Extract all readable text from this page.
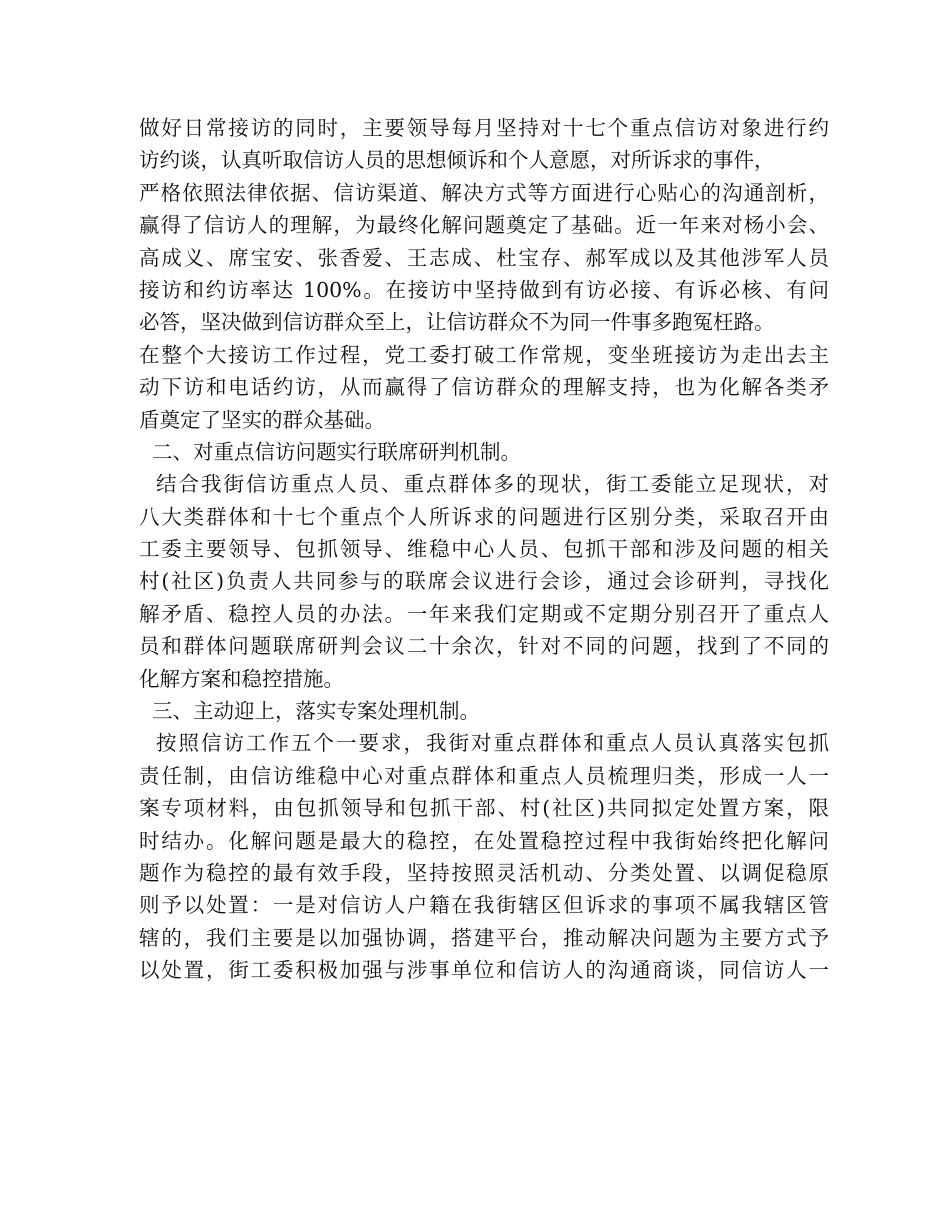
做好日常接访的同时，主要领导每月坚持对十七个重点信访对象进行约
访约谈，认真听取信访人员的思想倾诉和个人意愿，对所诉求的事件，
严格依照法律依据、信访渠道、解决方式等方面进行心贴心的沟通剖析，
赢得了信访人的理解，为最终化解问题奠定了基础。近一年来对杨小会、
高成义、席宝安、张香爱、王志成、杜宝存、郝军成以及其他涉军人员
接访和约访率达 100%。在接访中坚持做到有访必接、有诉必核、有问
必答，坚决做到信访群众至上，让信访群众不为同一件事多跑冤枉路。
在整个大接访工作过程，党工委打破工作常规，变坐班接访为走出去主
动下访和电话约访，从而赢得了信访群众的理解支持，也为化解各类矛
盾奠定了坚实的群众基础。
二、对重点信访问题实行联席研判机制。
结合我街信访重点人员、重点群体多的现状，街工委能立足现状，对
八大类群体和十七个重点个人所诉求的问题进行区别分类，采取召开由
工委主要领导、包抓领导、维稳中心人员、包抓干部和涉及问题的相关
村(社区)负责人共同参与的联席会议进行会诊，通过会诊研判，寻找化
解矛盾、稳控人员的办法。一年来我们定期或不定期分别召开了重点人
员和群体问题联席研判会议二十余次，针对不同的问题，找到了不同的
化解方案和稳控措施。
三、主动迎上，落实专案处理机制。
按照信访工作五个一要求，我街对重点群体和重点人员认真落实包抓
责任制，由信访维稳中心对重点群体和重点人员梳理归类，形成一人一
案专项材料，由包抓领导和包抓干部、村(社区)共同拟定处置方案，限
时结办。化解问题是最大的稳控，在处置稳控过程中我街始终把化解问
题作为稳控的最有效手段，坚持按照灵活机动、分类处置、以调促稳原
则予以处置：一是对信访人户籍在我街辖区但诉求的事项不属我辖区管
辖的，我们主要是以加强协调，搭建平台，推动解决问题为主要方式予
以处置，街工委积极加强与涉事单位和信访人的沟通商谈，同信访人一
